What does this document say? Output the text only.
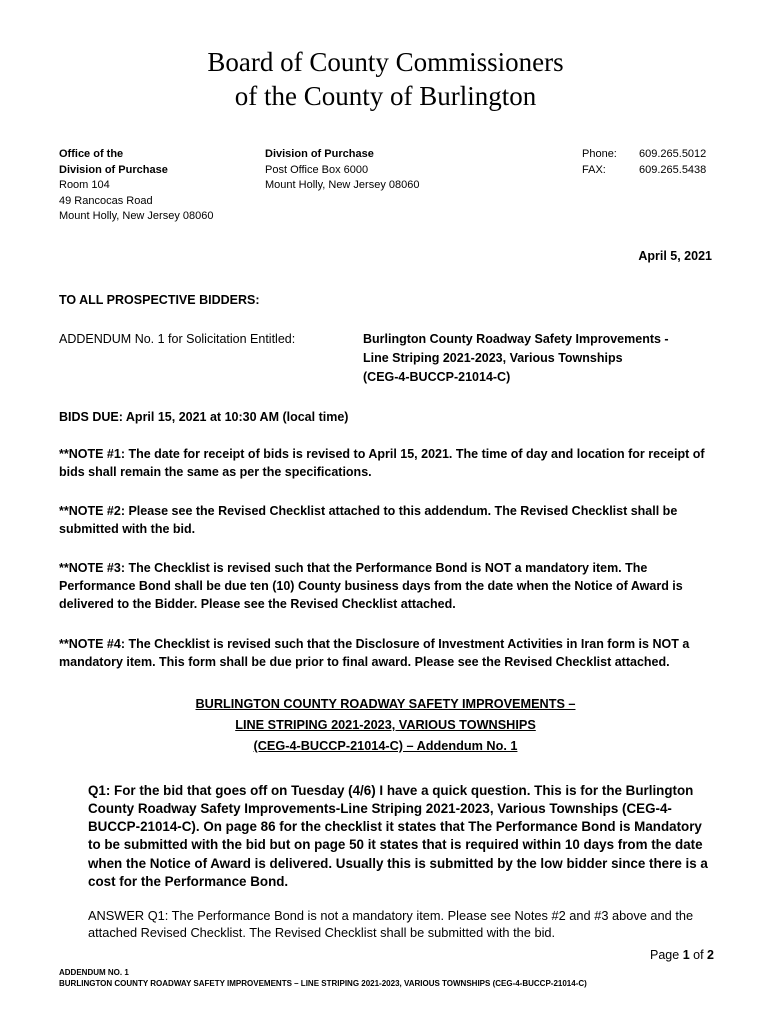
Board of County Commissioners
of the County of Burlington
Office of the
Division of Purchase
Room 104
49 Rancocas Road
Mount Holly, New Jersey 08060
Division of Purchase
Post Office Box 6000
Mount Holly, New Jersey 08060
Phone:	609.265.5012
FAX:	609.265.5438
April 5, 2021
TO ALL PROSPECTIVE BIDDERS:
ADDENDUM No. 1 for Solicitation Entitled:	Burlington County Roadway Safety Improvements -
Line Striping 2021-2023, Various Townships
(CEG-4-BUCCP-21014-C)
BIDS DUE: April 15, 2021 at 10:30 AM (local time)

**NOTE #1: The date for receipt of bids is revised to April 15, 2021. The time of day and location for receipt of bids shall remain the same as per the specifications.

**NOTE #2: Please see the Revised Checklist attached to this addendum. The Revised Checklist shall be submitted with the bid.

**NOTE #3: The Checklist is revised such that the Performance Bond is NOT a mandatory item. The Performance Bond shall be due ten (10) County business days from the date when the Notice of Award is delivered to the Bidder. Please see the Revised Checklist attached.

**NOTE #4: The Checklist is revised such that the Disclosure of Investment Activities in Iran form is NOT a mandatory item. This form shall be due prior to final award. Please see the Revised Checklist attached.

BURLINGTON COUNTY ROADWAY SAFETY IMPROVEMENTS –
LINE STRIPING 2021-2023, VARIOUS TOWNSHIPS
(CEG-4-BUCCP-21014-C) – Addendum No. 1

Q1: For the bid that goes off on Tuesday (4/6) I have a quick question. This is for the Burlington County Roadway Safety Improvements-Line Striping 2021-2023, Various Townships (CEG-4-BUCCP-21014-C). On page 86 for the checklist it states that The Performance Bond is Mandatory to be submitted with the bid but on page 50 it states that is required within 10 days from the date when the Notice of Award is delivered. Usually this is submitted by the low bidder since there is a cost for the Performance Bond.

ANSWER Q1: The Performance Bond is not a mandatory item. Please see Notes #2 and #3 above and the attached Revised Checklist. The Revised Checklist shall be submitted with the bid.

Page 1 of 2
ADDENDUM NO. 1
BURLINGTON COUNTY ROADWAY SAFETY IMPROVEMENTS – LINE STRIPING 2021-2023, VARIOUS TOWNSHIPS (CEG-4-BUCCP-21014-C)
